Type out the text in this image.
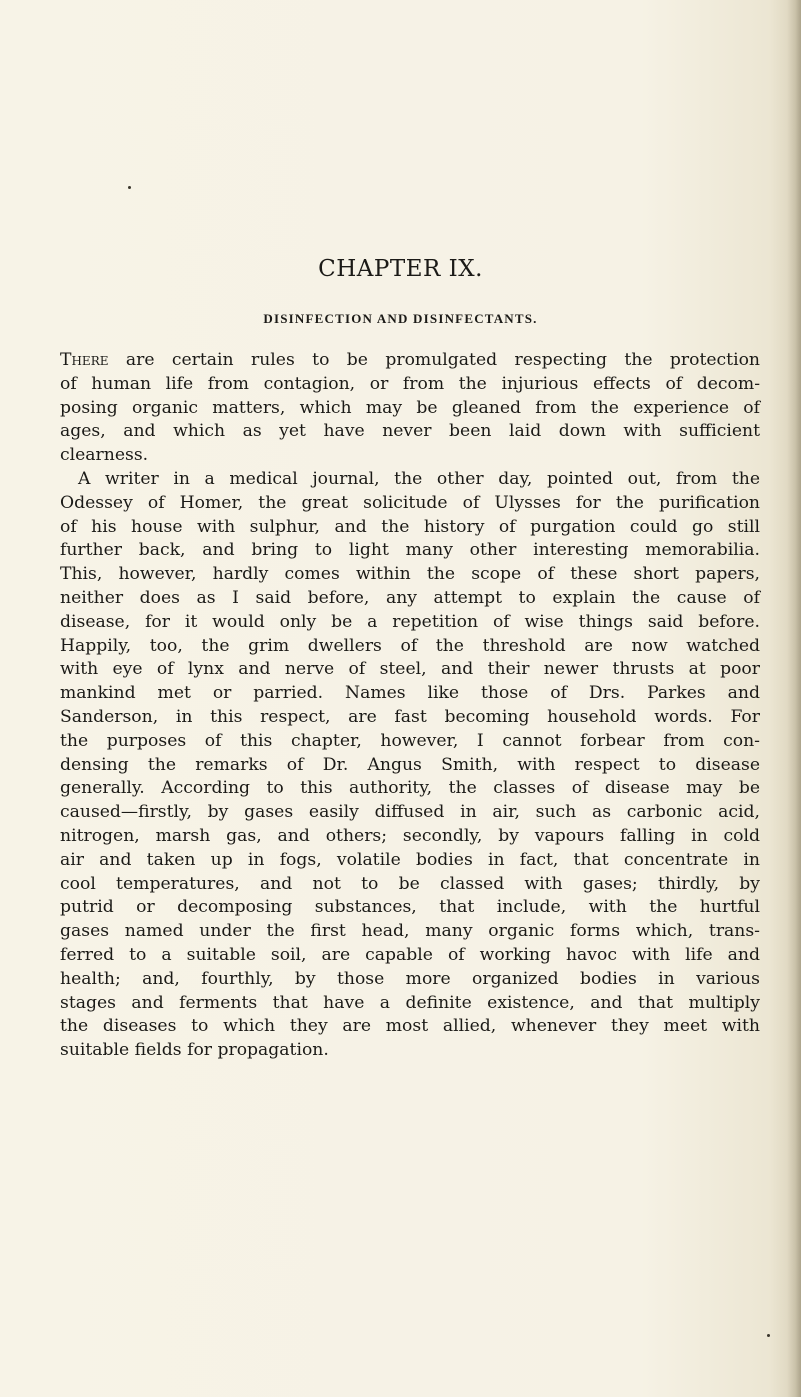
CHAPTER IX.
DISINFECTION AND DISINFECTANTS.

There are certain rules to be promulgated respecting the protection
of human life from contagion, or from the injurious effects of decom-
posing organic matters, which may be gleaned from the experience of
ages, and which as yet have never been laid down with sufficient
clearness.

A writer in a medical journal, the other day, pointed out, from the
Odessey of Homer, the great solicitude of Ulysses for the purification
of his house with sulphur, and the history of purgation could go still
further back, and bring to light many other interesting memorabilia.
This, however, hardly comes within the scope of these short papers,
neither does as I said before, any attempt to explain the cause of
disease, for it would only be a repetition of wise things said before.
Happily, too, the grim dwellers of the threshold are now watched
with eye of lynx and nerve of steel, and their newer thrusts at poor
mankind met or parried. Names like those of Drs. Parkes and
Sanderson, in this respect, are fast becoming household words. For
the purposes of this chapter, however, I cannot forbear from con-
densing the remarks of Dr. Angus Smith, with respect to disease
generally. According to this authority, the classes of disease may be
caused—firstly, by gases easily diffused in air, such as carbonic acid,
nitrogen, marsh gas, and others; secondly, by vapours falling in cold
air and taken up in fogs, volatile bodies in fact, that concentrate in
cool temperatures, and not to be classed with gases; thirdly, by
putrid or decomposing substances, that include, with the hurtful
gases named under the first head, many organic forms which, trans-
ferred to a suitable soil, are capable of working havoc with life and
health; and, fourthly, by those more organized bodies in various
stages and ferments that have a definite existence, and that multiply
the diseases to which they are most allied, whenever they meet with
suitable fields for propagation.
